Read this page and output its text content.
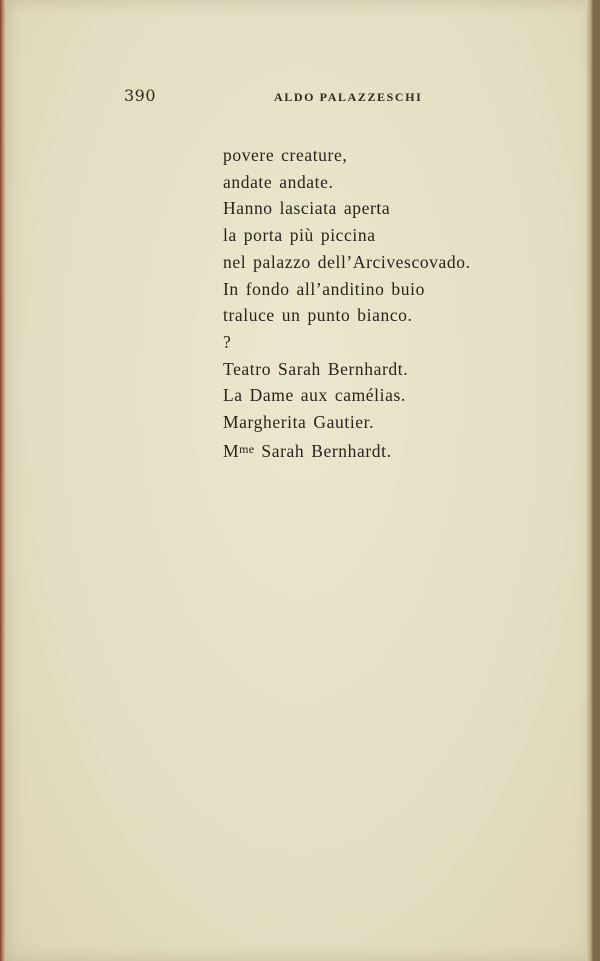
390	ALDO PALAZZESCHI
povere creature,
andate andate.
Hanno lasciata aperta
la porta più piccina
nel palazzo dell’Arcivescovado.
In fondo all’anditino buio
traluce un punto bianco.
?
Teatro Sarah Bernhardt.
La Dame aux camélias.
Margherita Gautier.
$M^{me}$ Sarah Bernhardt.
